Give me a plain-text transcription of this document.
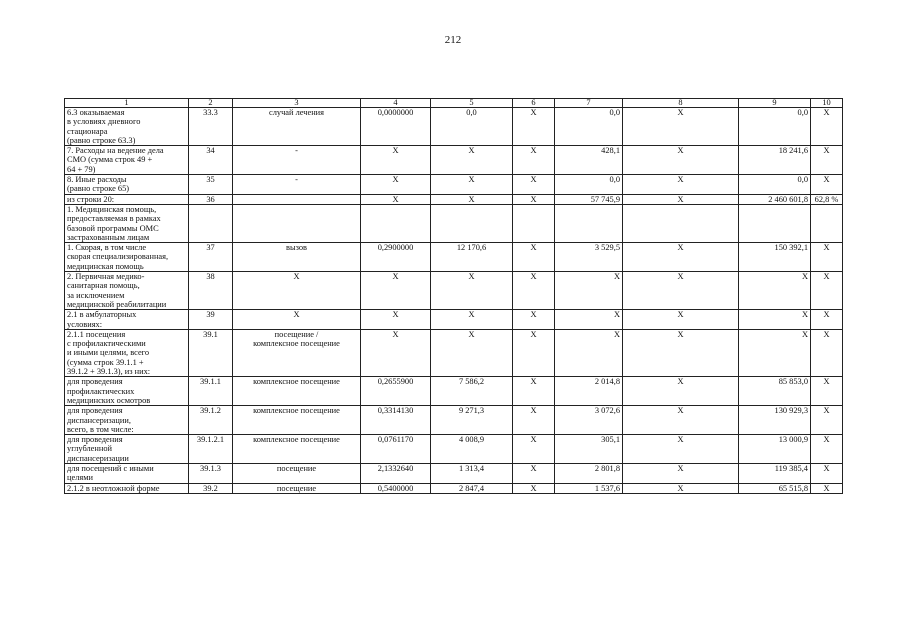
212
1	2	3	4	5	6	7	8	9	10
6.3 оказываемая
в условиях дневного
стационара
(равно строке 63.3)	33.3	случай лечения	0,0000000	0,0	X	0,0	X	0,0	X
7. Расходы на ведение дела
СМО (сумма строк 49 +
64 + 79)	34	-	X	X	X	428,1	X	18 241,6	X
8. Иные расходы
(равно строке 65)	35	-	X	X	X	0,0	X	0,0	X
из строки 20:	36		X	X	X	57 745,9	X	2 460 601,8	62,8 %
1. Медицинская помощь,
предоставляемая в рамках
базовой программы ОМС
застрахованным лицам									
1. Скорая, в том числе
скорая специализированная,
медицинская помощь	37	вызов	0,2900000	12 170,6	X	3 529,5	X	150 392,1	X
2. Первичная медико-
санитарная помощь,
за исключением
медицинской реабилитации	38	X	X	X	X	X	X	X	X
2.1 в амбулаторных
условиях:	39	X	X	X	X	X	X	X	X
2.1.1 посещения
с профилактическими
и иными целями, всего
(сумма строк 39.1.1 +
39.1.2 + 39.1.3), из них:	39.1	посещение /
комплексное посещение	X	X	X	X	X	X	X
для проведения
профилактических
медицинских осмотров	39.1.1	комплексное посещение	0,2655900	7 586,2	X	2 014,8	X	85 853,0	X
для проведения
диспансеризации,
всего, в том числе:	39.1.2	комплексное посещение	0,3314130	9 271,3	X	3 072,6	X	130 929,3	X
для проведения
углубленной
диспансеризации	39.1.2.1	комплексное посещение	0,0761170	4 008,9	X	305,1	X	13 000,9	X
для посещений с иными
целями	39.1.3	посещение	2,1332640	1 313,4	X	2 801,8	X	119 385,4	X
2.1.2 в неотложной форме	39.2	посещение	0,5400000	2 847,4	X	1 537,6	X	65 515,8	X
